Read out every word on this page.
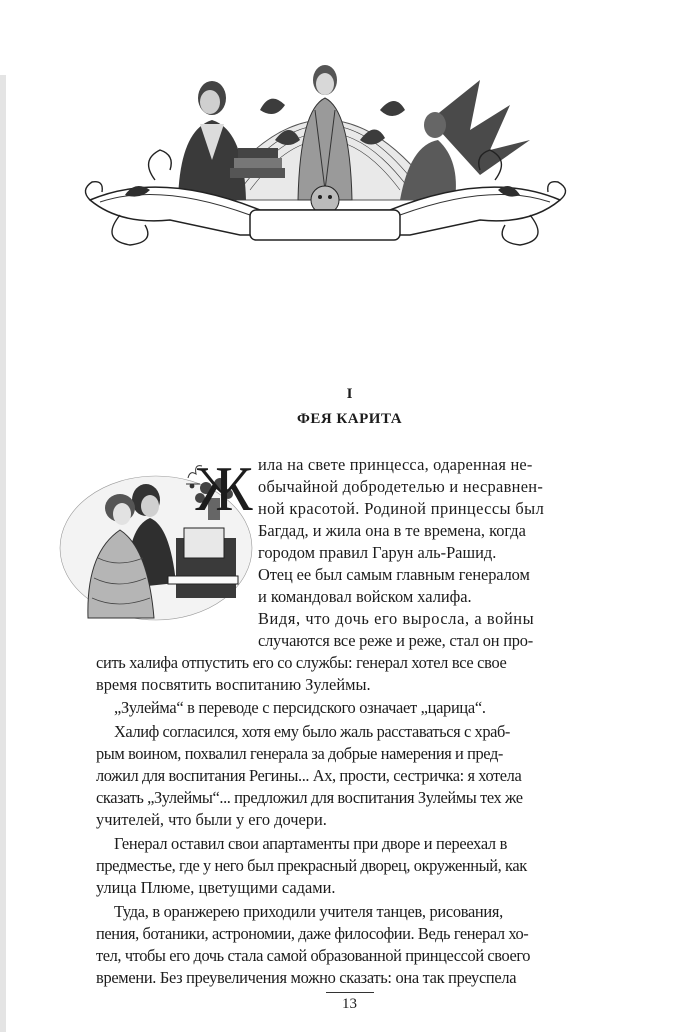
I
ФЕЯ КАРИТА
Ж ила на свете принцесса, одаренная не-

обычайной добродетелью и несравнен-

ной красотой. Родиной принцессы был

Багдад, и жила она в те времена, когда

городом правил Гарун аль-Рашид.

Отец ее был самым главным генералом

и командовал войском халифа.

Видя, что дочь его выросла, а войны

случаются все реже и реже, стал он про-

сить халифа отпустить его со службы: генерал хотел все свое

время посвятить воспитанию Зулеймы.

„Зулейма“ в переводе с персидского означает „царица“.

Халиф согласился, хотя ему было жаль расставаться с храб-

рым воином, похвалил генерала за добрые намерения и пред-

ложил для воспитания Регины... Ах, прости, сестричка: я хотела

сказать „Зулеймы“... предложил для воспитания Зулеймы тех же

учителей, что были у его дочери.

Генерал оставил свои апартаменты при дворе и переехал в

предместье, где у него был прекрасный дворец, окруженный, как

улица Плюме, цветущими садами.

Туда, в оранжерею приходили учителя танцев, рисования,

пения, ботаники, астрономии, даже философии. Ведь генерал хо-

тел, чтобы его дочь стала самой образованной принцессой своего

времени. Без преувеличения можно сказать: она так преуспела

13
